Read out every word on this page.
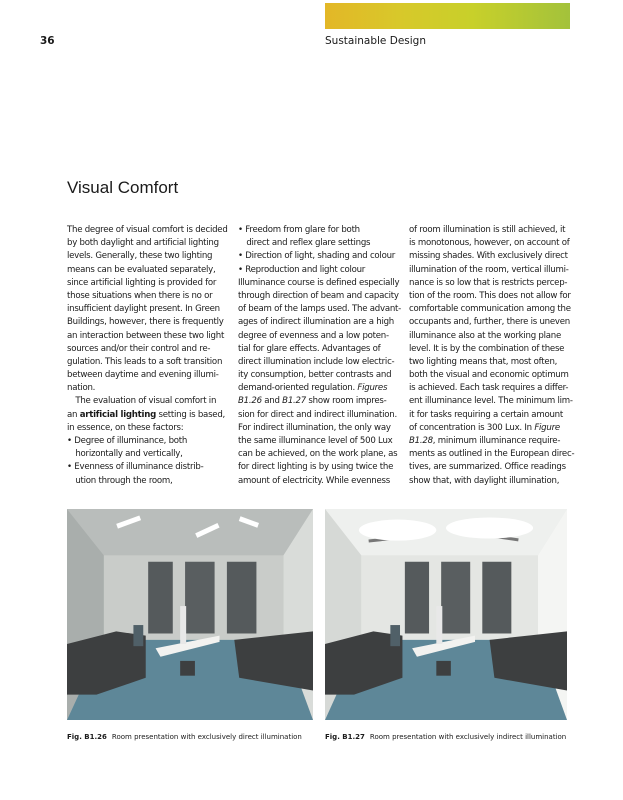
36	Sustainable Design
Visual Comfort
The degree of visual comfort is decided
by both daylight and artificial lighting
levels. Generally, these two lighting
means can be evaluated separately,
since artificial lighting is provided for
those situations when there is no or
insufficient daylight present. In Green
Buildings, however, there is frequently
an interaction between these two light
sources and/or their control and re-
gulation. This leads to a soft transition
between daytime and evening illumi-
nation.
 The evaluation of visual comfort in
an artificial lighting setting is based,
in essence, on these factors:
• Degree of illuminance, both
 horizontally and vertically,
• Evenness of illuminance distrib-
 ution through the room,
• Freedom from glare for both
 direct and reflex glare settings
• Direction of light, shading and colour
• Reproduction and light colour
Illuminance course is defined especially
through direction of beam and capacity
of beam of the lamps used. The advant-
ages of indirect illumination are a high
degree of evenness and a low poten-
tial for glare effects. Advantages of
direct illumination include low electric-
ity consumption, better contrasts and
demand-oriented regulation. Figures
B1.26 and B1.27 show room impres-
sion for direct and indirect illumination.
For indirect illumination, the only way
the same illuminance level of 500 Lux
can be achieved, on the work plane, as
for direct lighting is by using twice the
amount of electricity. While evenness
of room illumination is still achieved, it
is monotonous, however, on account of
missing shades. With exclusively direct
illumination of the room, vertical illumi-
nance is so low that is restricts percep-
tion of the room. This does not allow for
comfortable communication among the
occupants and, further, there is uneven
illuminance also at the working plane
level. It is by the combination of these
two lighting means that, most often,
both the visual and economic optimum
is achieved. Each task requires a differ-
ent illuminance level. The minimum lim-
it for tasks requiring a certain amount
of concentration is 300 Lux. In Figure
B1.28, minimum illuminance require-
ments as outlined in the European direc-
tives, are summarized. Office readings
show that, with daylight illumination,
Fig. B1.26 Room presentation with exclusively direct illumination	Fig. B1.27 Room presentation with exclusively indirect illumination
